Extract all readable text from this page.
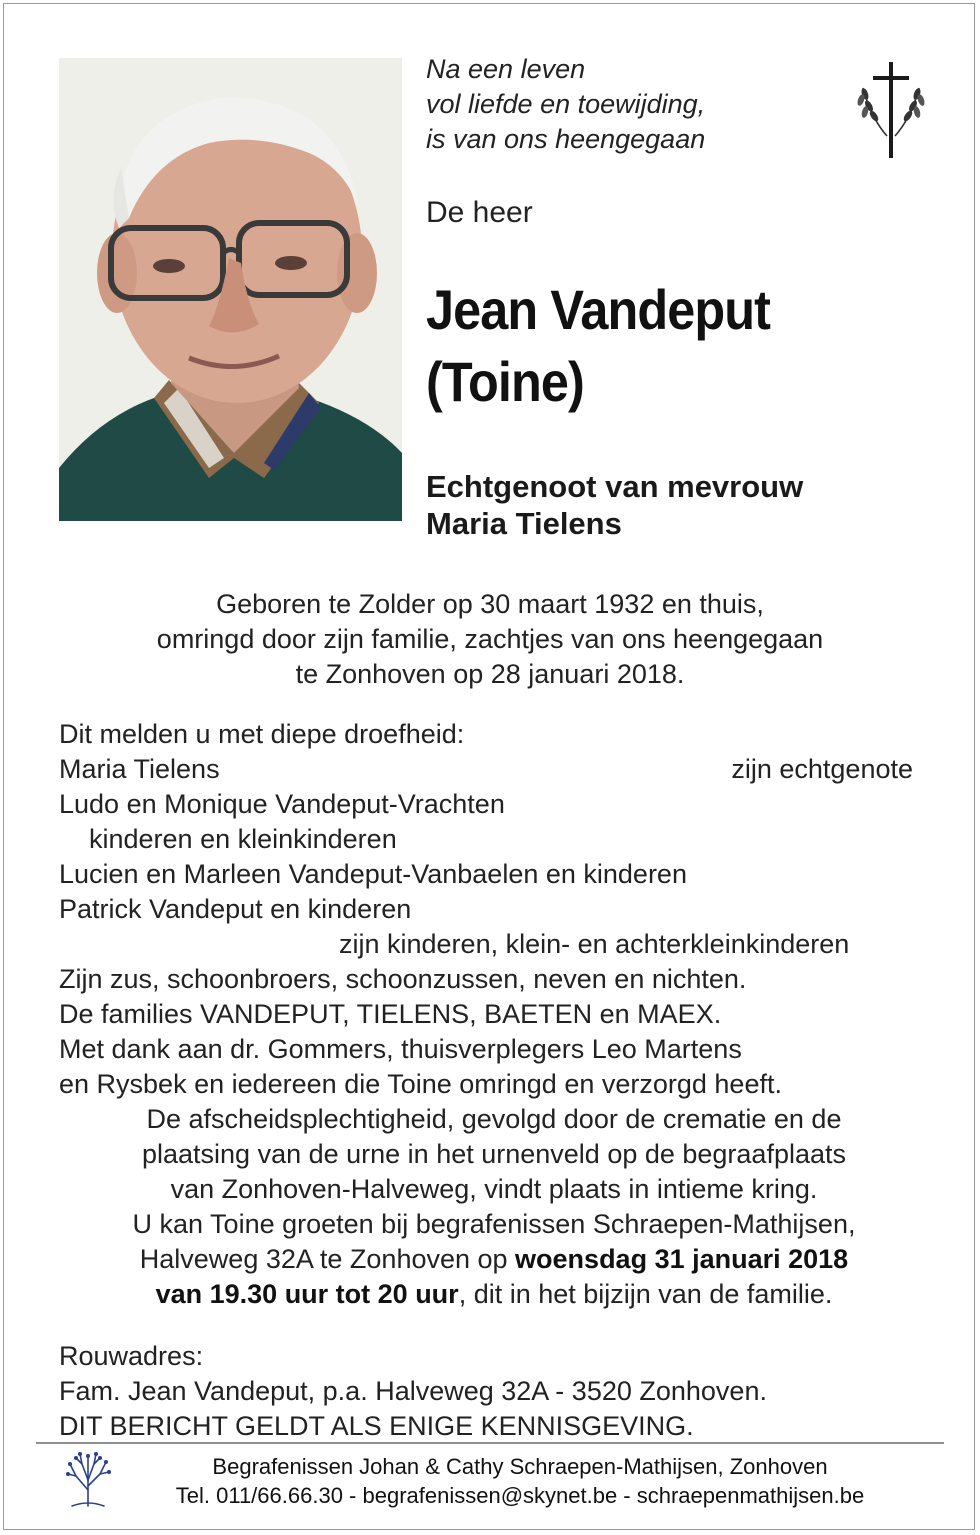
Na een leven
vol liefde en toewijding,
is van ons heengegaan
De heer
Jean Vandeput
(Toine)
Echtgenoot van mevrouw
Maria Tielens
Geboren te Zolder op 30 maart 1932 en thuis,
omringd door zijn familie, zachtjes van ons heengegaan
te Zonhoven op 28 januari 2018.
Dit melden u met diepe droefheid:
Maria Tielens	zijn echtgenote
Ludo en Monique Vandeput-Vrachten
kinderen en kleinkinderen
Lucien en Marleen Vandeput-Vanbaelen en kinderen
Patrick Vandeput en kinderen
zijn kinderen, klein- en achterkleinkinderen
Zijn zus, schoonbroers, schoonzussen, neven en nichten.
De families VANDEPUT, TIELENS, BAETEN en MAEX.
Met dank aan dr. Gommers, thuisverplegers Leo Martens
en Rysbek en iedereen die Toine omringd en verzorgd heeft.
De afscheidsplechtigheid, gevolgd door de crematie en de
plaatsing van de urne in het urnenveld op de begraafplaats
van Zonhoven-Halveweg, vindt plaats in intieme kring.
U kan Toine groeten bij begrafenissen Schraepen-Mathijsen,
Halveweg 32A te Zonhoven op woensdag 31 januari 2018
van 19.30 uur tot 20 uur, dit in het bijzijn van de familie.
Rouwadres:
Fam. Jean Vandeput, p.a. Halveweg 32A - 3520 Zonhoven.
DIT BERICHT GELDT ALS ENIGE KENNISGEVING.
Begrafenissen Johan & Cathy Schraepen-Mathijsen, Zonhoven
Tel. 011/66.66.30 - begrafenissen@skynet.be - schraepenmathijsen.be
